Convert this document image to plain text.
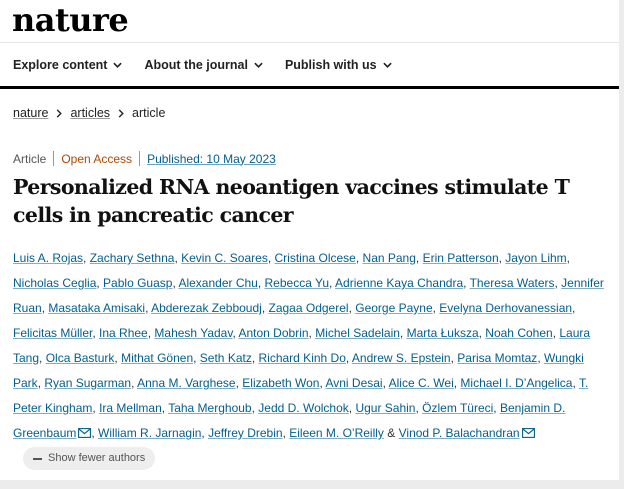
nature
Explore content	About the journal	Publish with us
nature articles article
Article Open Access Published: 10 May 2023
Personalized RNA neoantigen vaccines stimulate T cells in pancreatic cancer
Luis A. Rojas, Zachary Sethna, Kevin C. Soares, Cristina Olcese, Nan Pang, Erin Patterson, Jayon Lihm, Nicholas Ceglia, Pablo Guasp, Alexander Chu, Rebecca Yu, Adrienne Kaya Chandra, Theresa Waters, Jennifer Ruan, Masataka Amisaki, Abderezak Zebboudj, Zagaa Odgerel, George Payne, Evelyna Derhovanessian, Felicitas Müller, Ina Rhee, Mahesh Yadav, Anton Dobrin, Michel Sadelain, Marta Łuksza, Noah Cohen, Laura Tang, Olca Basturk, Mithat Gönen, Seth Katz, Richard Kinh Do, Andrew S. Epstein, Parisa Momtaz, Wungki Park, Ryan Sugarman, Anna M. Varghese, Elizabeth Won, Avni Desai, Alice C. Wei, Michael I. D’Angelica, T. Peter Kingham, Ira Mellman, Taha Merghoub, Jedd D. Wolchok, Ugur Sahin, Özlem Türeci, Benjamin D. Greenbaum , William R. Jarnagin, Jeffrey Drebin, Eileen M. O’Reilly & Vinod P. Balachandran
Show fewer authors
